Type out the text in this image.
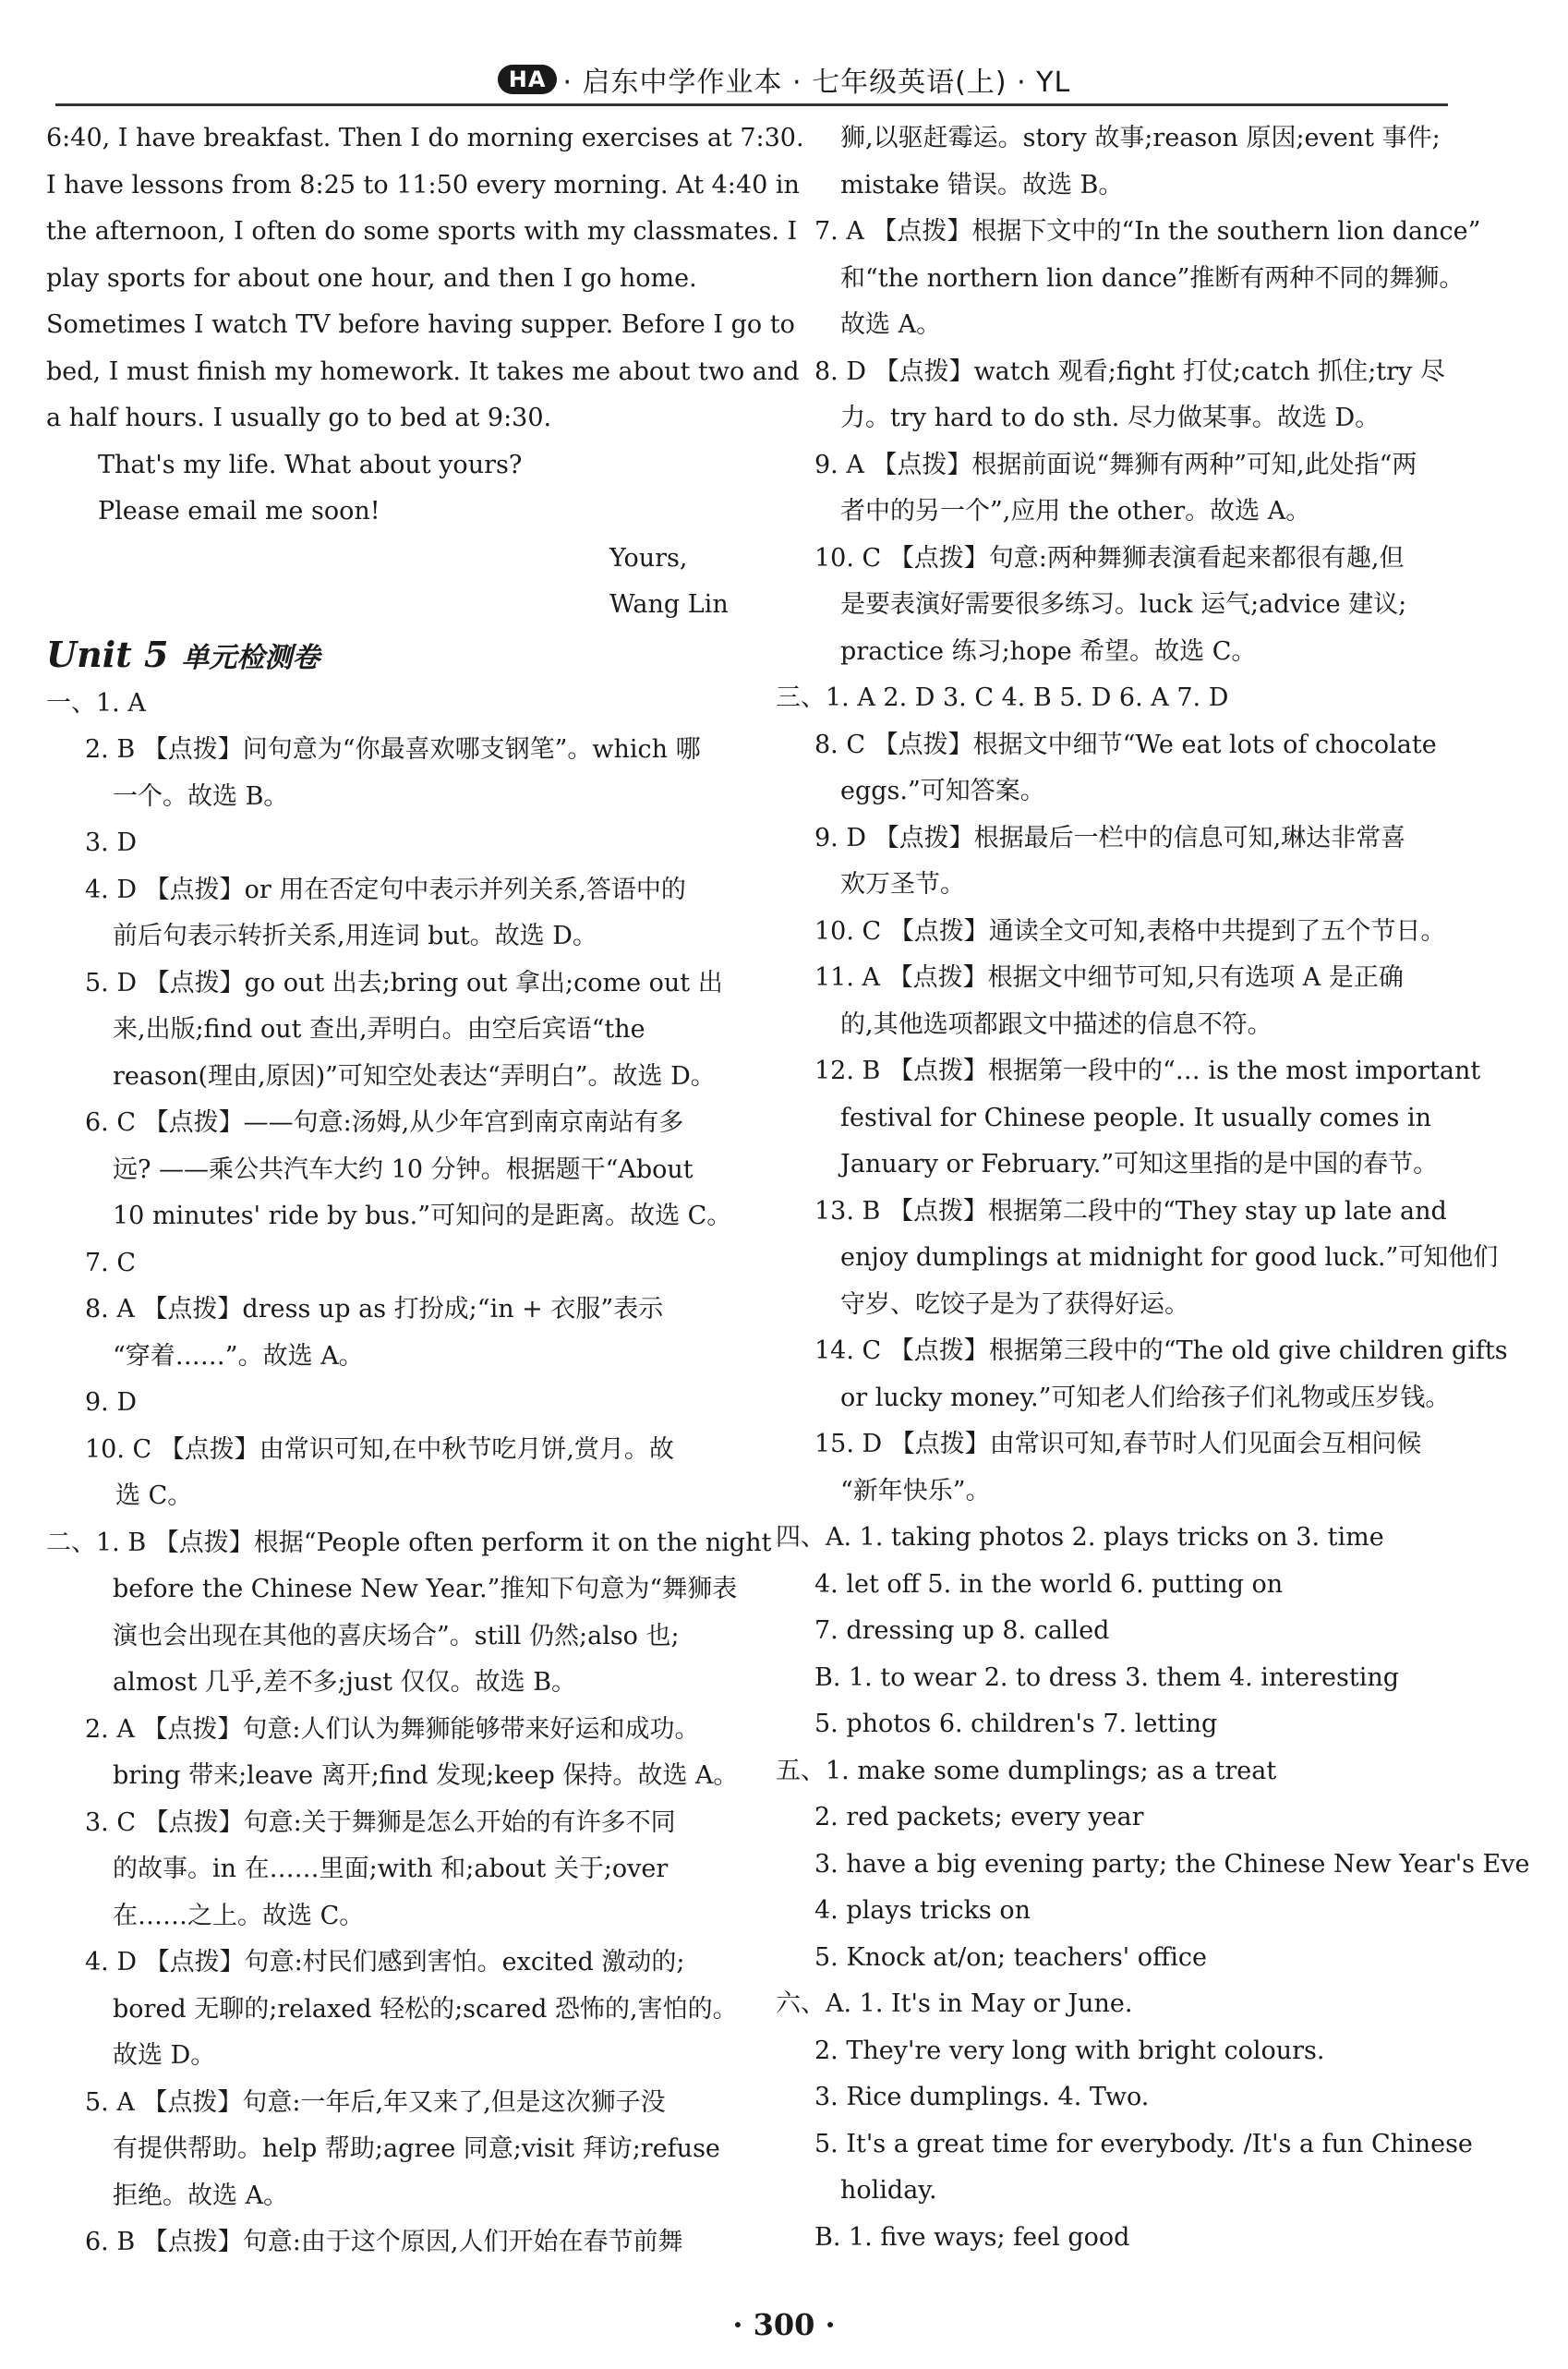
HA · 启东中学作业本 · 七年级英语(上) · YL
6:40, I have breakfast. Then I do morning exercises at 7:30.
I have lessons from 8:25 to 11:50 every morning. At 4:40 in
the afternoon, I often do some sports with my classmates. I
play sports for about one hour, and then I go home.
Sometimes I watch TV before having supper. Before I go to
bed, I must finish my homework. It takes me about two and
a half hours. I usually go to bed at 9:30.
That's my life. What about yours?
Please email me soon!
Yours,
Wang Lin
Unit 5 单元检测卷
一、1. A
2. B 【点拨】问句意为“你最喜欢哪支钢笔”。which 哪
一个。故选 B。
3. D
4. D 【点拨】or 用在否定句中表示并列关系,答语中的
前后句表示转折关系,用连词 but。故选 D。
5. D 【点拨】go out 出去;bring out 拿出;come out 出
来,出版;find out 查出,弄明白。由空后宾语“the
reason(理由,原因)”可知空处表达“弄明白”。故选 D。
6. C 【点拨】——句意:汤姆,从少年宫到南京南站有多
远? ——乘公共汽车大约 10 分钟。根据题干“About
10 minutes' ride by bus.”可知问的是距离。故选 C。
7. C
8. A 【点拨】dress up as 打扮成;“in + 衣服”表示
“穿着……”。故选 A。
9. D
10. C 【点拨】由常识可知,在中秋节吃月饼,赏月。故
选 C。
二、1. B 【点拨】根据“People often perform it on the night
before the Chinese New Year.”推知下句意为“舞狮表
演也会出现在其他的喜庆场合”。still 仍然;also 也;
almost 几乎,差不多;just 仅仅。故选 B。
2. A 【点拨】句意:人们认为舞狮能够带来好运和成功。
bring 带来;leave 离开;find 发现;keep 保持。故选 A。
3. C 【点拨】句意:关于舞狮是怎么开始的有许多不同
的故事。in 在……里面;with 和;about 关于;over
在……之上。故选 C。
4. D 【点拨】句意:村民们感到害怕。excited 激动的;
bored 无聊的;relaxed 轻松的;scared 恐怖的,害怕的。
故选 D。
5. A 【点拨】句意:一年后,年又来了,但是这次狮子没
有提供帮助。help 帮助;agree 同意;visit 拜访;refuse
拒绝。故选 A。
6. B 【点拨】句意:由于这个原因,人们开始在春节前舞
狮,以驱赶霉运。story 故事;reason 原因;event 事件;
mistake 错误。故选 B。
7. A 【点拨】根据下文中的“In the southern lion dance”
和“the northern lion dance”推断有两种不同的舞狮。
故选 A。
8. D 【点拨】watch 观看;fight 打仗;catch 抓住;try 尽
力。try hard to do sth. 尽力做某事。故选 D。
9. A 【点拨】根据前面说“舞狮有两种”可知,此处指“两
者中的另一个”,应用 the other。故选 A。
10. C 【点拨】句意:两种舞狮表演看起来都很有趣,但
是要表演好需要很多练习。luck 运气;advice 建议;
practice 练习;hope 希望。故选 C。
三、1. A 2. D 3. C 4. B 5. D 6. A 7. D
8. C 【点拨】根据文中细节“We eat lots of chocolate
eggs.”可知答案。
9. D 【点拨】根据最后一栏中的信息可知,琳达非常喜
欢万圣节。
10. C 【点拨】通读全文可知,表格中共提到了五个节日。
11. A 【点拨】根据文中细节可知,只有选项 A 是正确
的,其他选项都跟文中描述的信息不符。
12. B 【点拨】根据第一段中的“… is the most important
festival for Chinese people. It usually comes in
January or February.”可知这里指的是中国的春节。
13. B 【点拨】根据第二段中的“They stay up late and
enjoy dumplings at midnight for good luck.”可知他们
守岁、吃饺子是为了获得好运。
14. C 【点拨】根据第三段中的“The old give children gifts
or lucky money.”可知老人们给孩子们礼物或压岁钱。
15. D 【点拨】由常识可知,春节时人们见面会互相问候
“新年快乐”。
四、A. 1. taking photos 2. plays tricks on 3. time
4. let off 5. in the world 6. putting on
7. dressing up 8. called
B. 1. to wear 2. to dress 3. them 4. interesting
5. photos 6. children's 7. letting
五、1. make some dumplings; as a treat
2. red packets; every year
3. have a big evening party; the Chinese New Year's Eve
4. plays tricks on
5. Knock at/on; teachers' office
六、A. 1. It's in May or June.
2. They're very long with bright colours.
3. Rice dumplings. 4. Two.
5. It's a great time for everybody. /It's a fun Chinese
holiday.
B. 1. five ways; feel good
· 300 ·
